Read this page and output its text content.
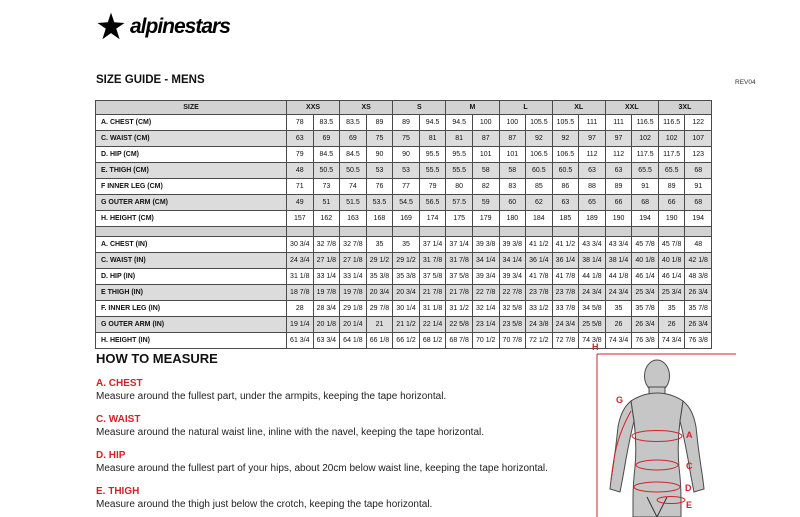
alpinestars
SIZE GUIDE - MENS	REV04
SIZE	XXS		XS		S		M		L		XL		XXL		3XL	
A. CHEST (CM)	78	83.5	83.5	89	89	94.5	94.5	100	100	105.5	105.5	111	111	116.5	116.5	122
C. WAIST (CM)	63	69	69	75	75	81	81	87	87	92	92	97	97	102	102	107
D. HIP (CM)	79	84.5	84.5	90	90	95.5	95.5	101	101	106.5	106.5	112	112	117.5	117.5	123
E. THIGH (CM)	48	50.5	50.5	53	53	55.5	55.5	58	58	60.5	60.5	63	63	65.5	65.5	68
F INNER LEG (CM)	71	73	74	76	77	79	80	82	83	85	86	88	89	91	89	91
G OUTER ARM (CM)	49	51	51.5	53.5	54.5	56.5	57.5	59	60	62	63	65	66	68	66	68
H. HEIGHT (CM)	157	162	163	168	169	174	175	179	180	184	185	189	190	194	190	194

A. CHEST (IN)	30 3/4	32 7/8	32 7/8	35	35	37 1/4	37 1/4	39 3/8	39 3/8	41 1/2	41 1/2	43 3/4	43 3/4	45 7/8	45 7/8	48
C. WAIST (IN)	24 3/4	27 1/8	27 1/8	29 1/2	29 1/2	31 7/8	31 7/8	34 1/4	34 1/4	36 1/4	36 1/4	38 1/4	38 1/4	40 1/8	40 1/8	42 1/8
D. HIP (IN)	31 1/8	33 1/4	33 1/4	35 3/8	35 3/8	37 5/8	37 5/8	39 3/4	39 3/4	41 7/8	41 7/8	44 1/8	44 1/8	46 1/4	46 1/4	48 3/8
E THIGH (IN)	18 7/8	19 7/8	19 7/8	20 3/4	20 3/4	21 7/8	21 7/8	22 7/8	22 7/8	23 7/8	23 7/8	24 3/4	24 3/4	25 3/4	25 3/4	26 3/4
F. INNER LEG (IN)	28	28 3/4	29 1/8	29 7/8	30 1/4	31 1/8	31 1/2	32 1/4	32 5/8	33 1/2	33 7/8	34 5/8	35	35 7/8	35	35 7/8
G OUTER ARM (IN)	19 1/4	20 1/8	20 1/4	21	21 1/2	22 1/4	22 5/8	23 1/4	23 5/8	24 3/8	24 3/4	25 5/8	26	26 3/4	26	26 3/4
H. HEIGHT (IN)	61 3/4	63 3/4	64 1/8	66 1/8	66 1/2	68 1/2	68 7/8	70 1/2	70 7/8	72 1/2	72 7/8	74 3/8	74 3/4	76 3/8	74 3/4	76 3/8
HOW TO MEASURE
A. CHEST
Measure around the fullest part, under the armpits, keeping the tape horizontal.
C. WAIST
Measure around the natural waist line, inline with the navel, keeping the tape horizontal.
D. HIP
Measure around the fullest part of your hips, about 20cm below waist line, keeping the tape horizontal.
E. THIGH
Measure around the thigh just below the crotch, keeping the tape horizontal.
H
G
A
C
D
E
